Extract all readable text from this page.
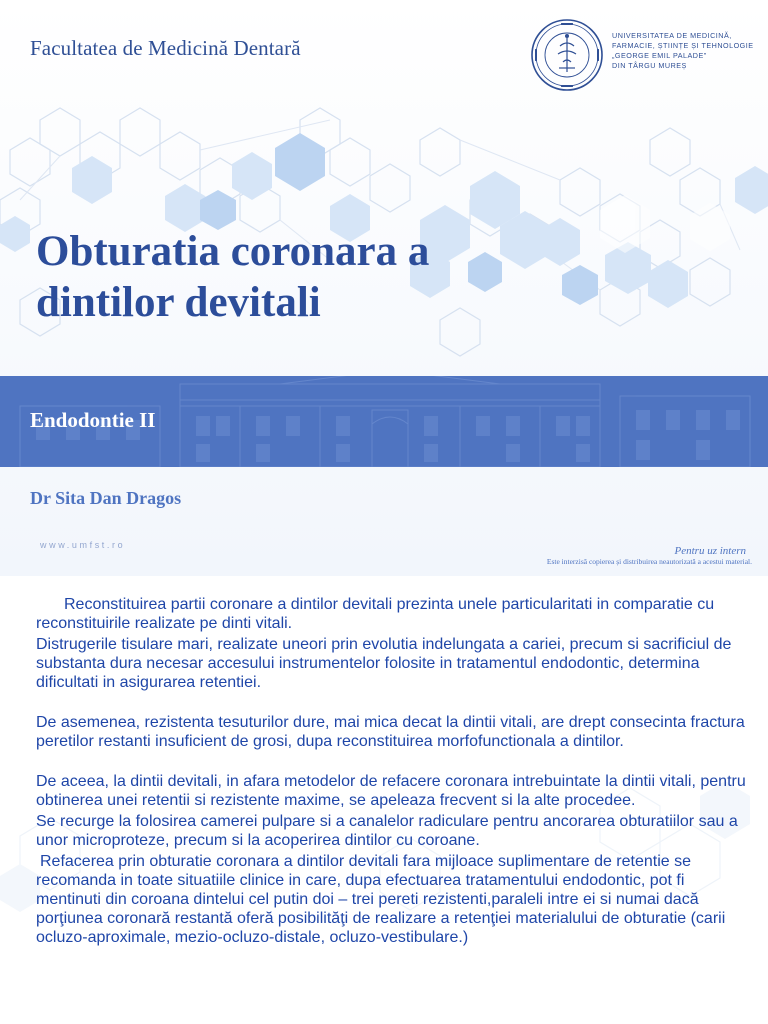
Facultatea de Medicină Dentară
UNIVERSITATEA DE MEDICINĂ,
FARMACIE, ȘTIINȚE ȘI TEHNOLOGIE
„GEORGE EMIL PALADE”
DIN TÂRGU MUREȘ
Obturatia coronara a
dintilor devitali
Endodontie II
Dr Sita Dan Dragos
www.umfst.ro	Pentru uz intern
Este interzisă copierea și distribuirea neautorizată a acestui material.

Reconstituirea partii coronare a dintilor devitali prezinta unele particularitati in comparatie cu reconstituirile realizate pe dinti vitali.

Distrugerile tisulare mari, realizate uneori prin evolutia indelungata a cariei, precum si sacrificiul de substanta dura necesar accesului instrumentelor folosite in tratamentul endodontic, determina dificultati in asigurarea retentiei.

De asemenea, rezistenta tesuturilor dure, mai mica decat la dintii vitali, are drept consecinta fractura peretilor restanti insuficient de grosi, dupa reconstituirea morfofunctionala a dintilor.

De aceea, la dintii devitali, in afara metodelor de refacere coronara intrebuintate la dintii vitali, pentru obtinerea unei retentii si rezistente maxime, se apeleaza frecvent si la alte procedee.

Se recurge la folosirea camerei pulpare si a canalelor radiculare pentru ancorarea obturatiilor sau a unor microproteze, precum si la acoperirea dintilor cu coroane.

Refacerea prin obturatie coronara a dintilor devitali fara mijloace suplimentare de retentie se recomanda in toate situatiile clinice in care, dupa efectuarea tratamentului endodontic, pot fi mentinuti din coroana dintelui cel putin doi – trei pereti rezistenti,paraleli intre ei si numai dacă porţiunea coronară restantă oferă posibilităţi de realizare a retenţiei materialului de obturatie (carii ocluzo-aproximale, mezio-ocluzo-distale, ocluzo-vestibulare.)
